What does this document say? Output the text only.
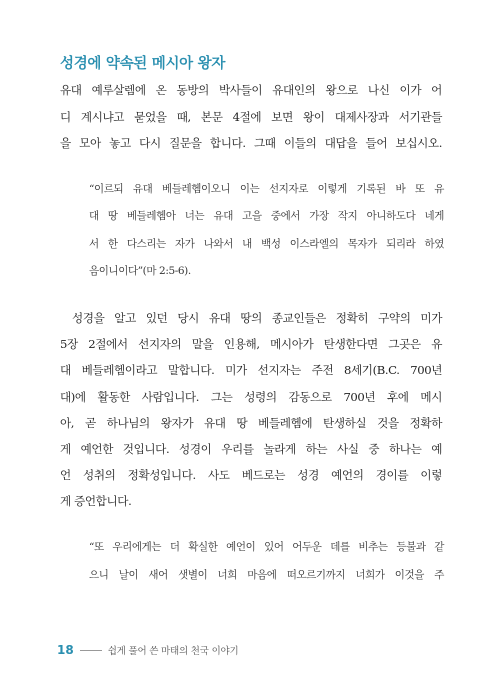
성경에 약속된 메시아 왕자
유대 예루살렘에 온 동방의 박사들이 유대인의 왕으로 나신 이가 어
디 계시냐고 묻었을 때, 본문 4절에 보면 왕이 대제사장과 서기관들
을 모아 놓고 다시 질문을 합니다. 그때 이들의 대답을 들어 보십시오.
“이르되 유대 베들레헴이오니 이는 선지자로 이렇게 기록된 바 또 유
대 땅 베들레헴아 너는 유대 고을 중에서 가장 작지 아니하도다 네게
서 한 다스리는 자가 나와서 내 백성 이스라엘의 목자가 되리라 하였
음이니이다”(마 2:5-6).
성경을 알고 있던 당시 유대 땅의 종교인들은 정확히 구약의 미가
5장 2절에서 선지자의 말을 인용해, 메시아가 탄생한다면 그곳은 유
대 베들레헴이라고 말합니다. 미가 선지자는 주전 8세기(B.C. 700년
대)에 활동한 사람입니다. 그는 성령의 감동으로 700년 후에 메시
아, 곧 하나님의 왕자가 유대 땅 베들레헴에 탄생하실 것을 정확하
게 예언한 것입니다. 성경이 우리를 놀라게 하는 사실 중 하나는 예
언 성취의 정확성입니다. 사도 베드로는 성경 예언의 경이를 이렇
게 증언합니다.
“또 우리에게는 더 확실한 예언이 있어 어두운 데를 비추는 등불과 같
으니 날이 새어 샛별이 너희 마음에 떠오르기까지 너희가 이것을 주
18	쉽게 풀어 쓴 마태의 천국 이야기
